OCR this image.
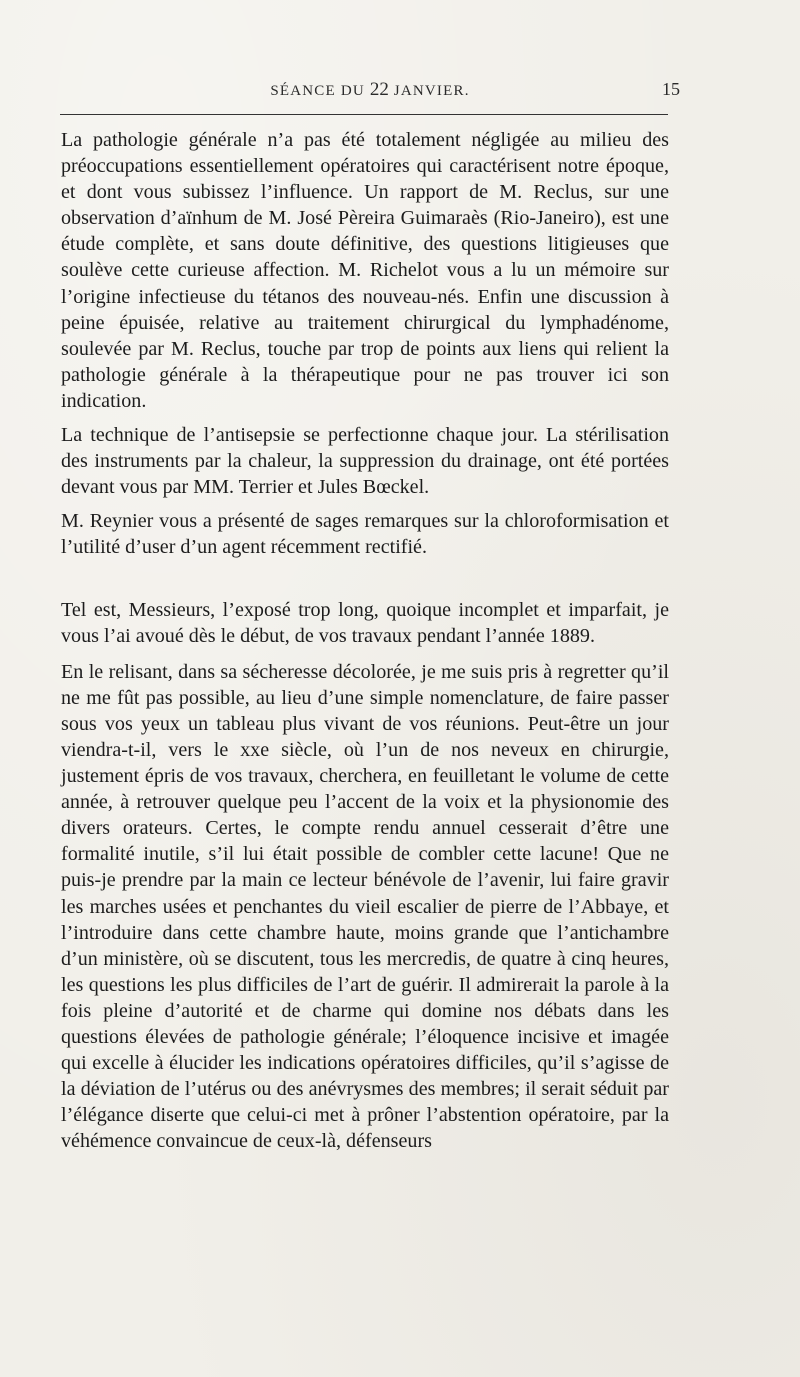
SÉANCE DU 22 JANVIER.	15

La pathologie générale n’a pas été totalement négligée au milieu des préoccupations essentiellement opératoires qui caractérisent notre époque, et dont vous subissez l’influence. Un rapport de M. Reclus, sur une observation d’aïnhum de M. José Pèreira Guimaraès (Rio-Janeiro), est une étude complète, et sans doute définitive, des questions litigieuses que soulève cette curieuse affection. M. Richelot vous a lu un mémoire sur l’origine infectieuse du tétanos des nouveau-nés. Enfin une discussion à peine épuisée, relative au traitement chirurgical du lymphadénome, soulevée par M. Reclus, touche par trop de points aux liens qui relient la pathologie générale à la thérapeutique pour ne pas trouver ici son indication.

La technique de l’antisepsie se perfectionne chaque jour. La stérilisation des instruments par la chaleur, la suppression du drainage, ont été portées devant vous par MM. Terrier et Jules Bœckel.

M. Reynier vous a présenté de sages remarques sur la chloroformisation et l’utilité d’user d’un agent récemment rectifié.

Tel est, Messieurs, l’exposé trop long, quoique incomplet et imparfait, je vous l’ai avoué dès le début, de vos travaux pendant l’année 1889.

En le relisant, dans sa sécheresse décolorée, je me suis pris à regretter qu’il ne me fût pas possible, au lieu d’une simple nomenclature, de faire passer sous vos yeux un tableau plus vivant de vos réunions. Peut-être un jour viendra-t-il, vers le xxe siècle, où l’un de nos neveux en chirurgie, justement épris de vos travaux, cherchera, en feuilletant le volume de cette année, à retrouver quelque peu l’accent de la voix et la physionomie des divers orateurs. Certes, le compte rendu annuel cesserait d’être une formalité inutile, s’il lui était possible de combler cette lacune! Que ne puis-je prendre par la main ce lecteur bénévole de l’avenir, lui faire gravir les marches usées et penchantes du vieil escalier de pierre de l’Abbaye, et l’introduire dans cette chambre haute, moins grande que l’antichambre d’un ministère, où se discutent, tous les mercredis, de quatre à cinq heures, les questions les plus difficiles de l’art de guérir. Il admirerait la parole à la fois pleine d’autorité et de charme qui domine nos débats dans les questions élevées de pathologie générale; l’éloquence incisive et imagée qui excelle à élucider les indications opératoires difficiles, qu’il s’agisse de la déviation de l’utérus ou des anévrysmes des membres; il serait séduit par l’élégance diserte que celui-ci met à prôner l’abstention opératoire, par la véhémence convaincue de ceux-là, défenseurs
